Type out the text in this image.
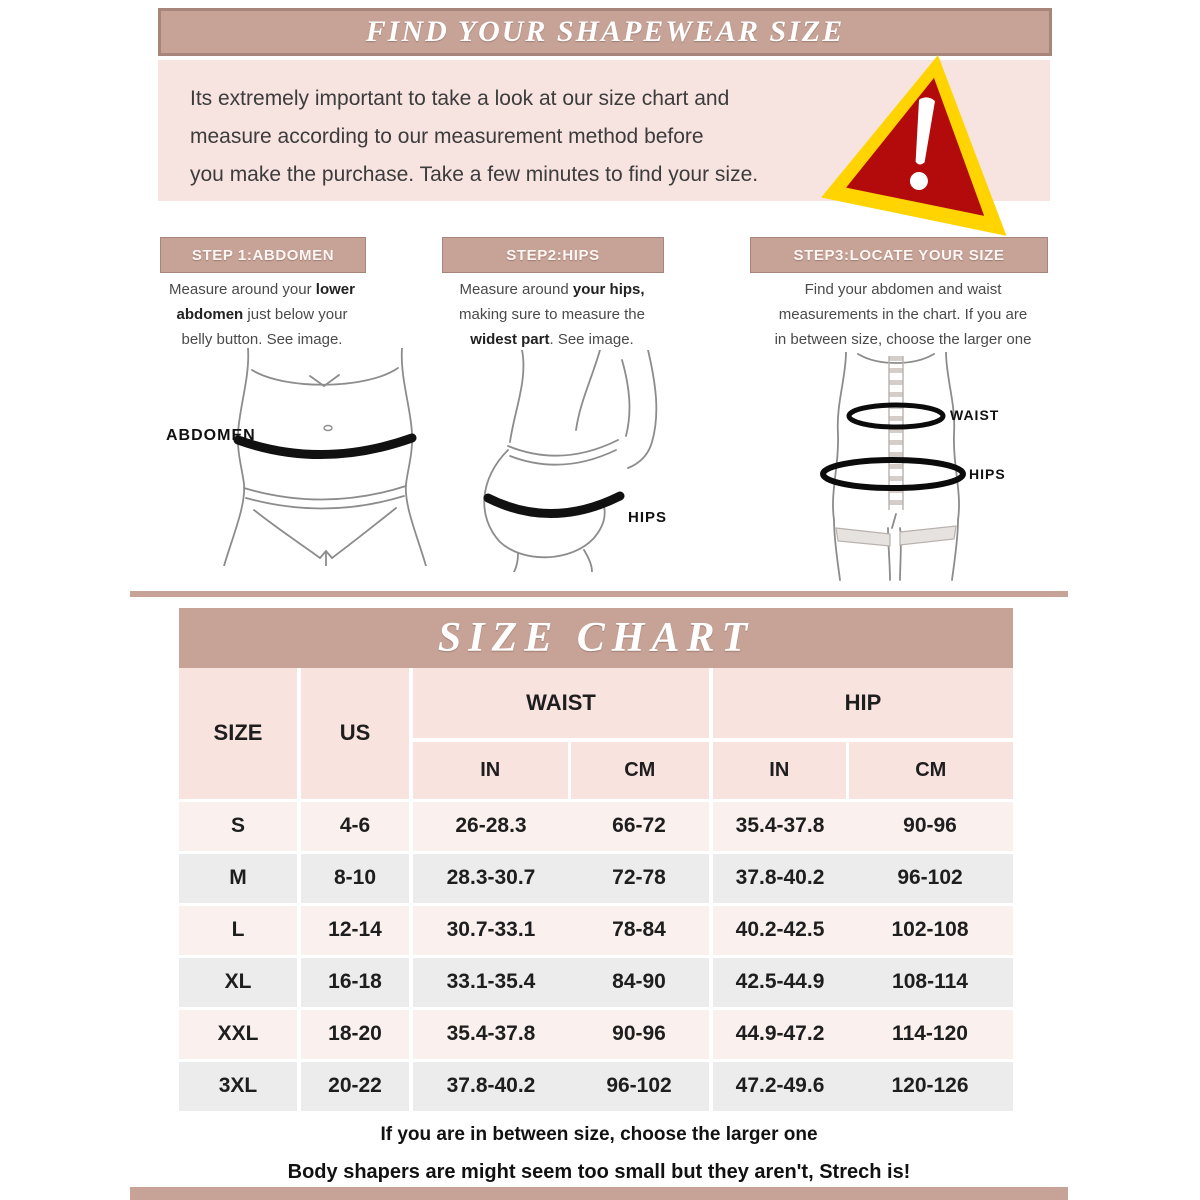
FIND YOUR SHAPEWEAR SIZE
Its extremely important to take a look at our size chart and
measure according to our measurement method before
you make the purchase. Take a few minutes to find your size.
STEP 1:ABDOMEN	STEP2:HIPS	STEP3:LOCATE YOUR SIZE
Measure around your lower
abdomen just below your
belly button. See image.
Measure around your hips,
making sure to measure the
widest part. See image.
Find your abdomen and waist
measurements in the chart. If you are
in between size, choose the larger one
ABDOMEN
HIPS
WAIST
HIPS
SIZE CHART
SIZE	US	WAIST		HIP	
		IN	CM	IN	CM
S	4-6	26-28.3	66-72	35.4-37.8	90-96
M	8-10	28.3-30.7	72-78	37.8-40.2	96-102
L	12-14	30.7-33.1	78-84	40.2-42.5	102-108
XL	16-18	33.1-35.4	84-90	42.5-44.9	108-114
XXL	18-20	35.4-37.8	90-96	44.9-47.2	114-120
3XL	20-22	37.8-40.2	96-102	47.2-49.6	120-126
If you are in between size, choose the larger one
Body shapers are might seem too small but they aren't, Strech is!
